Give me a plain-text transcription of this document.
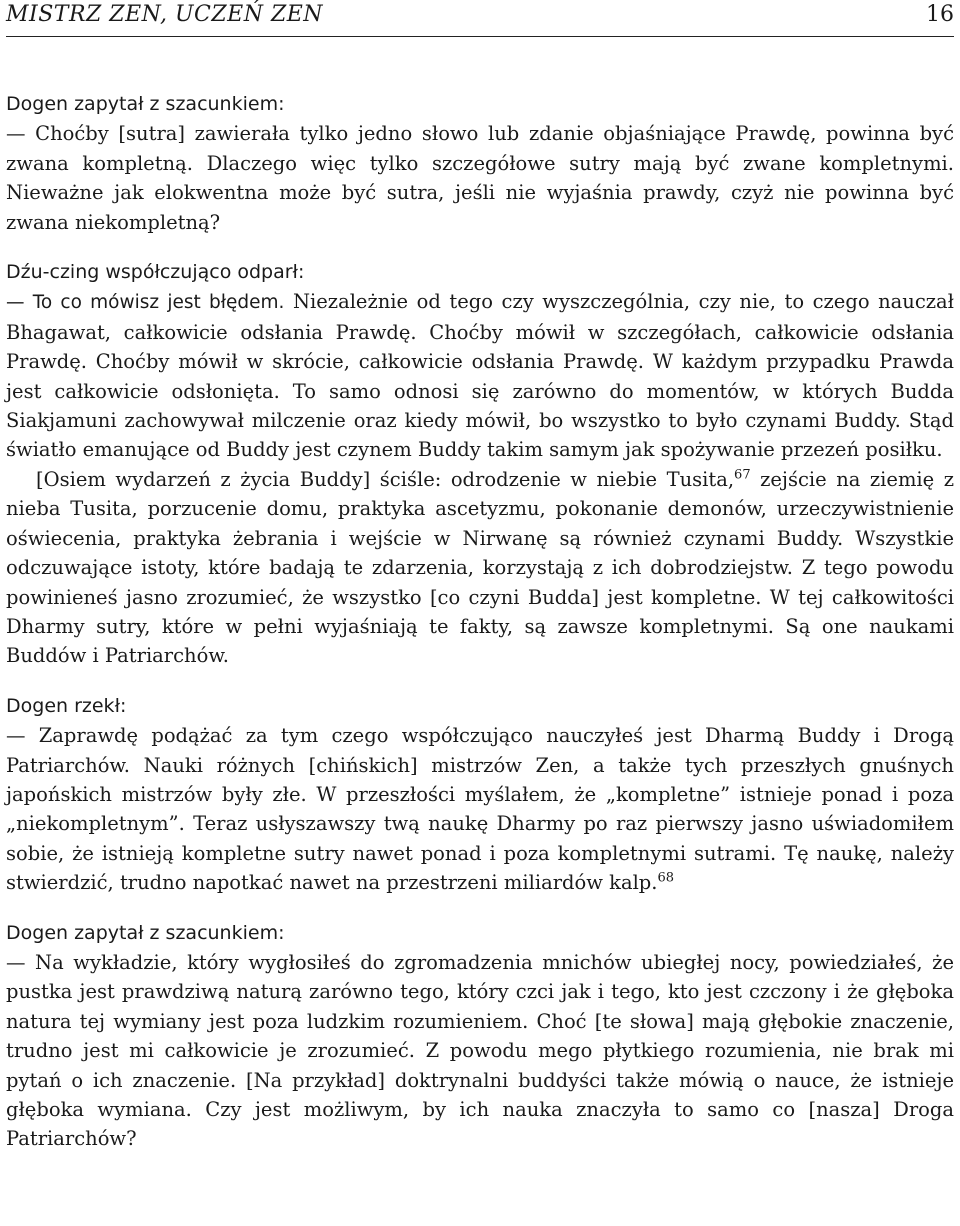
MISTRZ ZEN, UCZEŃ ZEN	16

Dogen zapytał z szacunkiem:

— Choćby [sutra] zawierała tylko jedno słowo lub zdanie objaśniające Prawdę, powinna być zwana kompletną. Dlaczego więc tylko szczegółowe sutry mają być zwane kompletnymi. Nieważne jak elokwentna może być sutra, jeśli nie wyjaśnia prawdy, czyż nie powinna być zwana niekompletną?

Dźu-czing współczująco odparł:

— To co mówisz jest błędem. Niezależnie od tego czy wyszczególnia, czy nie, to czego nauczał Bhagawat, całkowicie odsłania Prawdę. Choćby mówił w szczegółach, całkowicie odsłania Prawdę. Choćby mówił w skrócie, całkowicie odsłania Prawdę. W każdym przypadku Prawda jest całkowicie odsłonięta. To samo odnosi się zarówno do momentów, w których Budda Siakjamuni zachowywał milczenie oraz kiedy mówił, bo wszystko to było czynami Buddy. Stąd światło emanujące od Buddy jest czynem Buddy takim samym jak spożywanie przezeń posiłku.

[Osiem wydarzeń z życia Buddy] ściśle: odrodzenie w niebie Tusita,$^{67}$ zejście na ziemię z nieba Tusita, porzucenie domu, praktyka ascetyzmu, pokonanie demonów, urzeczywistnienie oświecenia, praktyka żebrania i wejście w Nirwanę są również czynami Buddy. Wszystkie odczuwające istoty, które badają te zdarzenia, korzystają z ich dobrodziejstw. Z tego powodu powinieneś jasno zrozumieć, że wszystko [co czyni Budda] jest kompletne. W tej całkowitości Dharmy sutry, które w pełni wyjaśniają te fakty, są zawsze kompletnymi. Są one naukami Buddów i Patriarchów.

Dogen rzekł:

— Zaprawdę podążać za tym czego współczująco nauczyłeś jest Dharmą Buddy i Drogą Patriarchów. Nauki różnych [chińskich] mistrzów Zen, a także tych przeszłych gnuśnych japońskich mistrzów były złe. W przeszłości myślałem, że „kompletne” istnieje ponad i poza „niekompletnym”. Teraz usłyszawszy twą naukę Dharmy po raz pierwszy jasno uświadomiłem sobie, że istnieją kompletne sutry nawet ponad i poza kompletnymi sutrami. Tę naukę, należy stwierdzić, trudno napotkać nawet na przestrzeni miliardów kalp.$^{68}$

Dogen zapytał z szacunkiem:

— Na wykładzie, który wygłosiłeś do zgromadzenia mnichów ubiegłej nocy, powiedziałeś, że pustka jest prawdziwą naturą zarówno tego, który czci jak i tego, kto jest czczony i że głęboka natura tej wymiany jest poza ludzkim rozumieniem. Choć [te słowa] mają głębokie znaczenie, trudno jest mi całkowicie je zrozumieć. Z powodu mego płytkiego rozumienia, nie brak mi pytań o ich znaczenie. [Na przykład] doktrynalni buddyści także mówią o nauce, że istnieje głęboka wymiana. Czy jest możliwym, by ich nauka znaczyła to samo co [nasza] Droga Patriarchów?
